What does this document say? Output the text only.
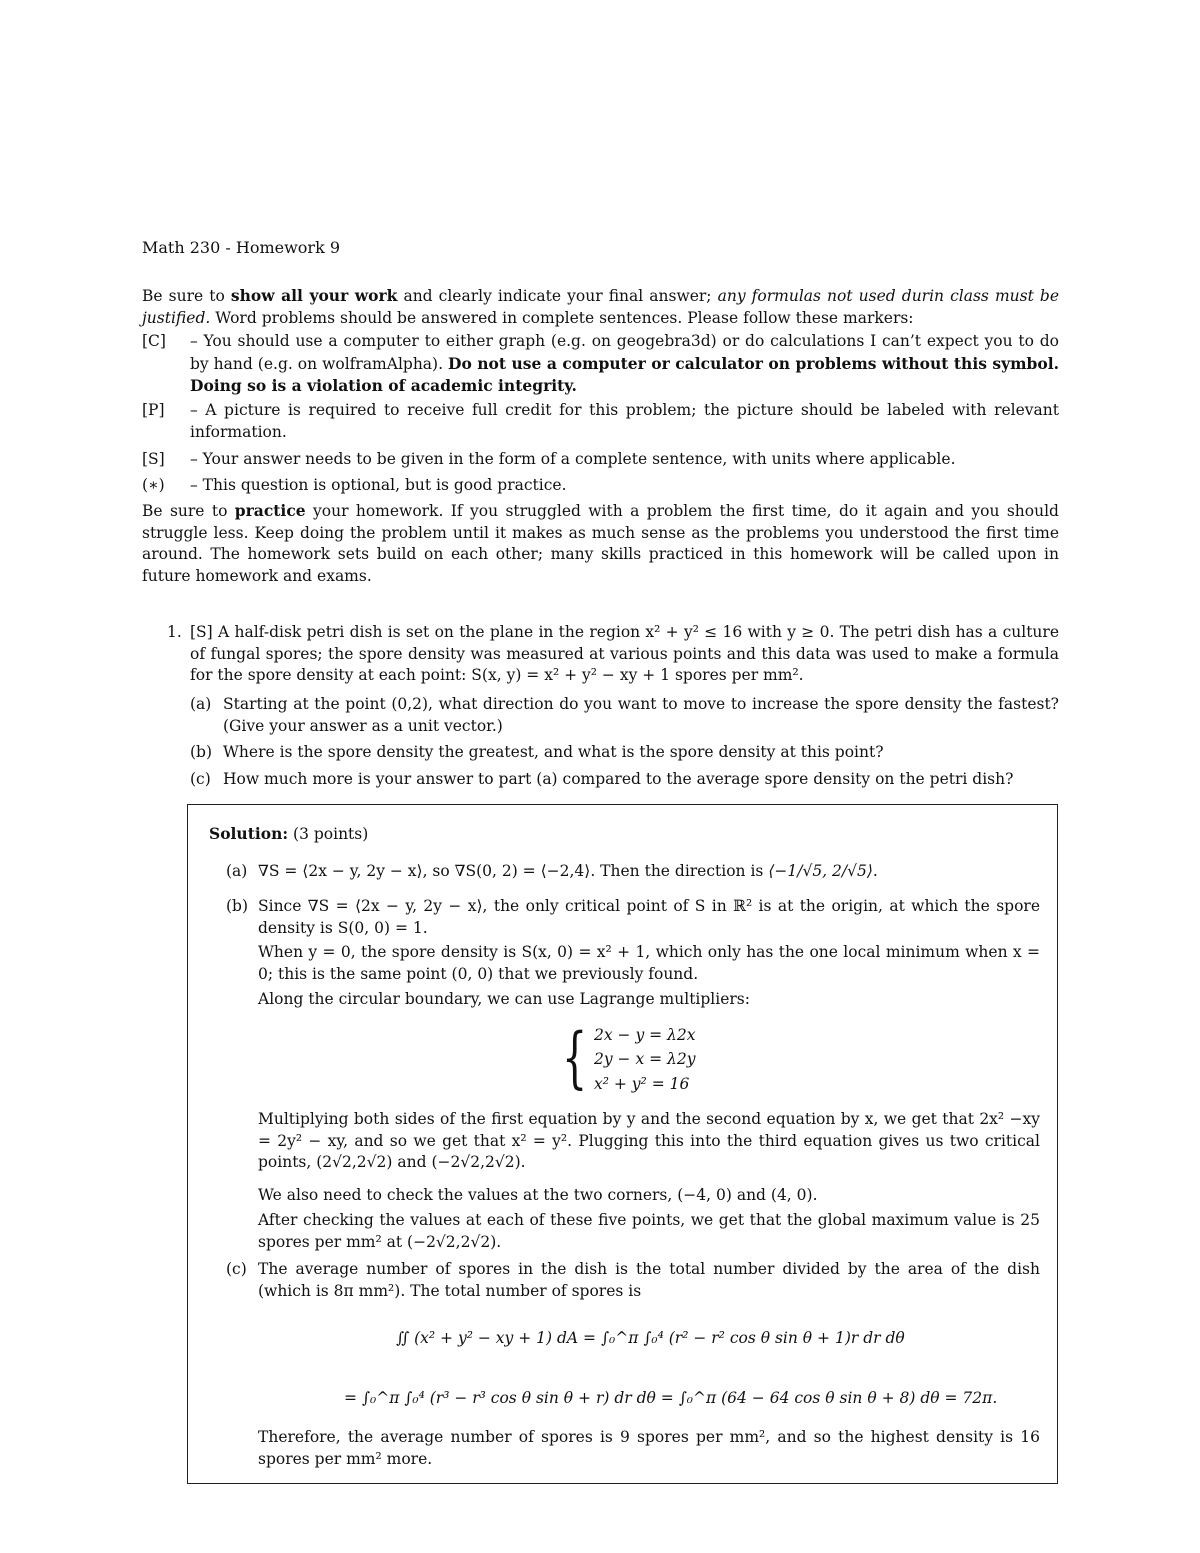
Math 230 - Homework 9
Be sure to show all your work and clearly indicate your final answer; any formulas not used durin class must be justified. Word problems should be answered in complete sentences. Please follow these markers:
[C]	– You should use a computer to either graph (e.g. on geogebra3d) or do calculations I can’t expect you to do by hand (e.g. on wolframAlpha). Do not use a computer or calculator on problems without this symbol. Doing so is a violation of academic integrity.
[P]	– A picture is required to receive full credit for this problem; the picture should be labeled with relevant information.
[S]	– Your answer needs to be given in the form of a complete sentence, with units where applicable.
(∗)	– This question is optional, but is good practice.
Be sure to practice your homework. If you struggled with a problem the first time, do it again and you should struggle less. Keep doing the problem until it makes as much sense as the problems you understood the first time around. The homework sets build on each other; many skills practiced in this homework will be called upon in future homework and exams.
1. [S] A half-disk petri dish is set on the plane in the region x² + y² ≤ 16 with y ≥ 0. The petri dish has a culture of fungal spores; the spore density was measured at various points and this data was used to make a formula for the spore density at each point: S(x, y) = x² + y² − xy + 1 spores per mm².
(a) Starting at the point (0,2), what direction do you want to move to increase the spore density the fastest? (Give your answer as a unit vector.)
(b) Where is the spore density the greatest, and what is the spore density at this point?
(c) How much more is your answer to part (a) compared to the average spore density on the petri dish?
Solution: (3 points)
(a) ∇S = ⟨2x − y, 2y − x⟩, so ∇S(0, 2) = ⟨−2,4⟩. Then the direction is ⟨−1/√5, 2/√5⟩.
(b) Since ∇S = ⟨2x − y, 2y − x⟩, the only critical point of S in ℝ² is at the origin, at which the spore density is S(0, 0) = 1.
When y = 0, the spore density is S(x, 0) = x² + 1, which only has the one local minimum when x = 0; this is the same point (0, 0) that we previously found.
Along the circular boundary, we can use Lagrange multipliers:
{ 2x − y = λ2x
2y − x = λ2y
x² + y² = 16
Multiplying both sides of the first equation by y and the second equation by x, we get that 2x² −xy = 2y² − xy, and so we get that x² = y². Plugging this into the third equation gives us two critical points, (2√2,2√2) and (−2√2,2√2).
We also need to check the values at the two corners, (−4, 0) and (4, 0).
After checking the values at each of these five points, we get that the global maximum value is 25 spores per mm² at (−2√2,2√2).
(c) The average number of spores in the dish is the total number divided by the area of the dish (which is 8π mm²). The total number of spores is
∬ (x² + y² − xy + 1) dA = ∫₀^π ∫₀⁴ (r² − r² cos θ sin θ + 1)r dr dθ
= ∫₀^π ∫₀⁴ (r³ − r³ cos θ sin θ + r) dr dθ = ∫₀^π (64 − 64 cos θ sin θ + 8) dθ = 72π.
Therefore, the average number of spores is 9 spores per mm², and so the highest density is 16 spores per mm² more.
